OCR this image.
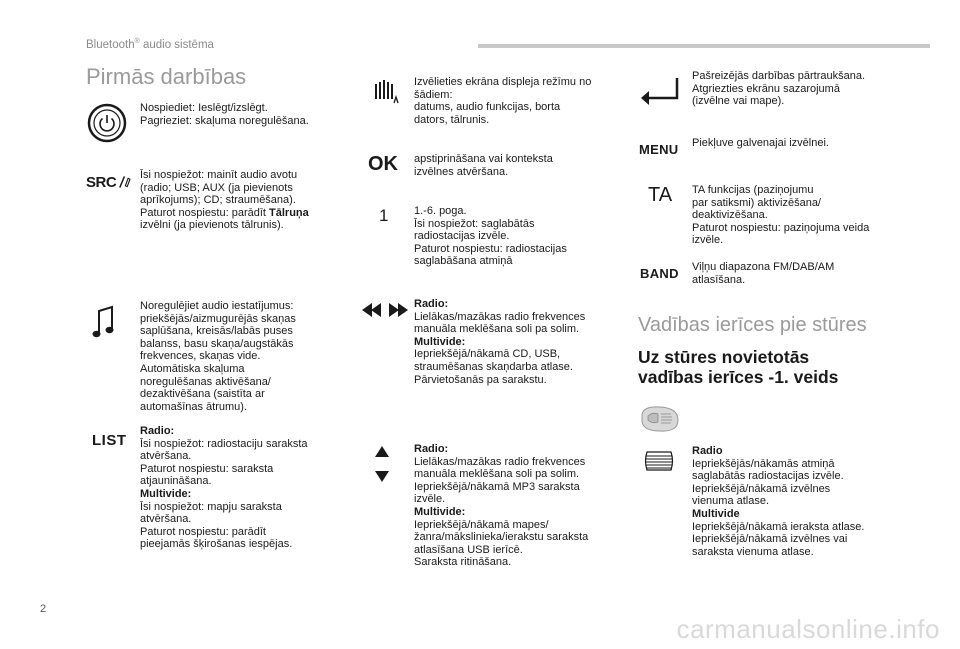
Bluetooth® audio sistēma
Pirmās darbības
Nospiediet: Ieslēgt/izslēgt.
Pagrieziet: skaļuma noregulēšana.
SRC Īsi nospiežot: mainīt audio avotu
(radio; USB; AUX (ja pievienots
aprīkojums); CD; straumēšana).
Paturot nospiestu: parādīt Tālruņa
izvēlni (ja pievienots tālrunis).
Noregulējiet audio iestatījumus:
priekšējās/aizmugurējās skaņas
saplūšana, kreisās/labās puses
balanss, basu skaņa/augstākās
frekvences, skaņas vide.
Automātiska skaļuma
noregulēšanas aktivēšana/
dezaktivēšana (saistīta ar
automašīnas ātrumu).
LIST
Radio:
Īsi nospiežot: radiostaciju saraksta
atvēršana.
Paturot nospiestu: saraksta
atjaunināšana.
Multivide:
Īsi nospiežot: mapju saraksta
atvēršana.
Paturot nospiestu: parādīt
pieejamās šķirošanas iespējas.
Izvēlieties ekrāna displeja režīmu no
šādiem:
datums, audio funkcijas, borta
dators, tālrunis.
OK apstiprināšana vai konteksta
izvēlnes atvēršana.
1 1.-6. poga.
Īsi nospiežot: saglabātās
radiostacijas izvēle.
Paturot nospiestu: radiostacijas
saglabāšana atmiņā
Radio:
Lielākas/mazākas radio frekvences
manuāla meklēšana soli pa solim.
Multivide:
Iepriekšējā/nākamā CD, USB,
straumēšanas skaņdarba atlase.
Pārvietošanās pa sarakstu.
Radio:
Lielākas/mazākas radio frekvences
manuāla meklēšana soli pa solim.
Iepriekšējā/nākamā MP3 saraksta
izvēle.
Multivide:
Iepriekšējā/nākamā mapes/
žanra/mākslinieka/ierakstu saraksta
atlasīšana USB ierīcē.
Saraksta ritināšana.
Pašreizējās darbības pārtraukšana.
Atgriezties ekrānu sazarojumā
(izvēlne vai mape).
MENU Piekļuve galvenajai izvēlnei.
TA TA funkcijas (paziņojumu
par satiksmi) aktivizēšana/
deaktivizēšana.
Paturot nospiestu: paziņojuma veida
izvēle.
BAND Viļņu diapazona FM/DAB/AM
atlasīšana.
Vadības ierīces pie stūres
Uz stūres novietotās
vadības ierīces -1. veids
Radio
Iepriekšējās/nākamās atmiņā
saglabātās radiostacijas izvēle.
Iepriekšējā/nākamā izvēlnes
vienuma atlase.
Multivide
Iepriekšējā/nākamā ieraksta atlase.
Iepriekšējā/nākamā izvēlnes vai
saraksta vienuma atlase.
2
carmanualsonline.info
